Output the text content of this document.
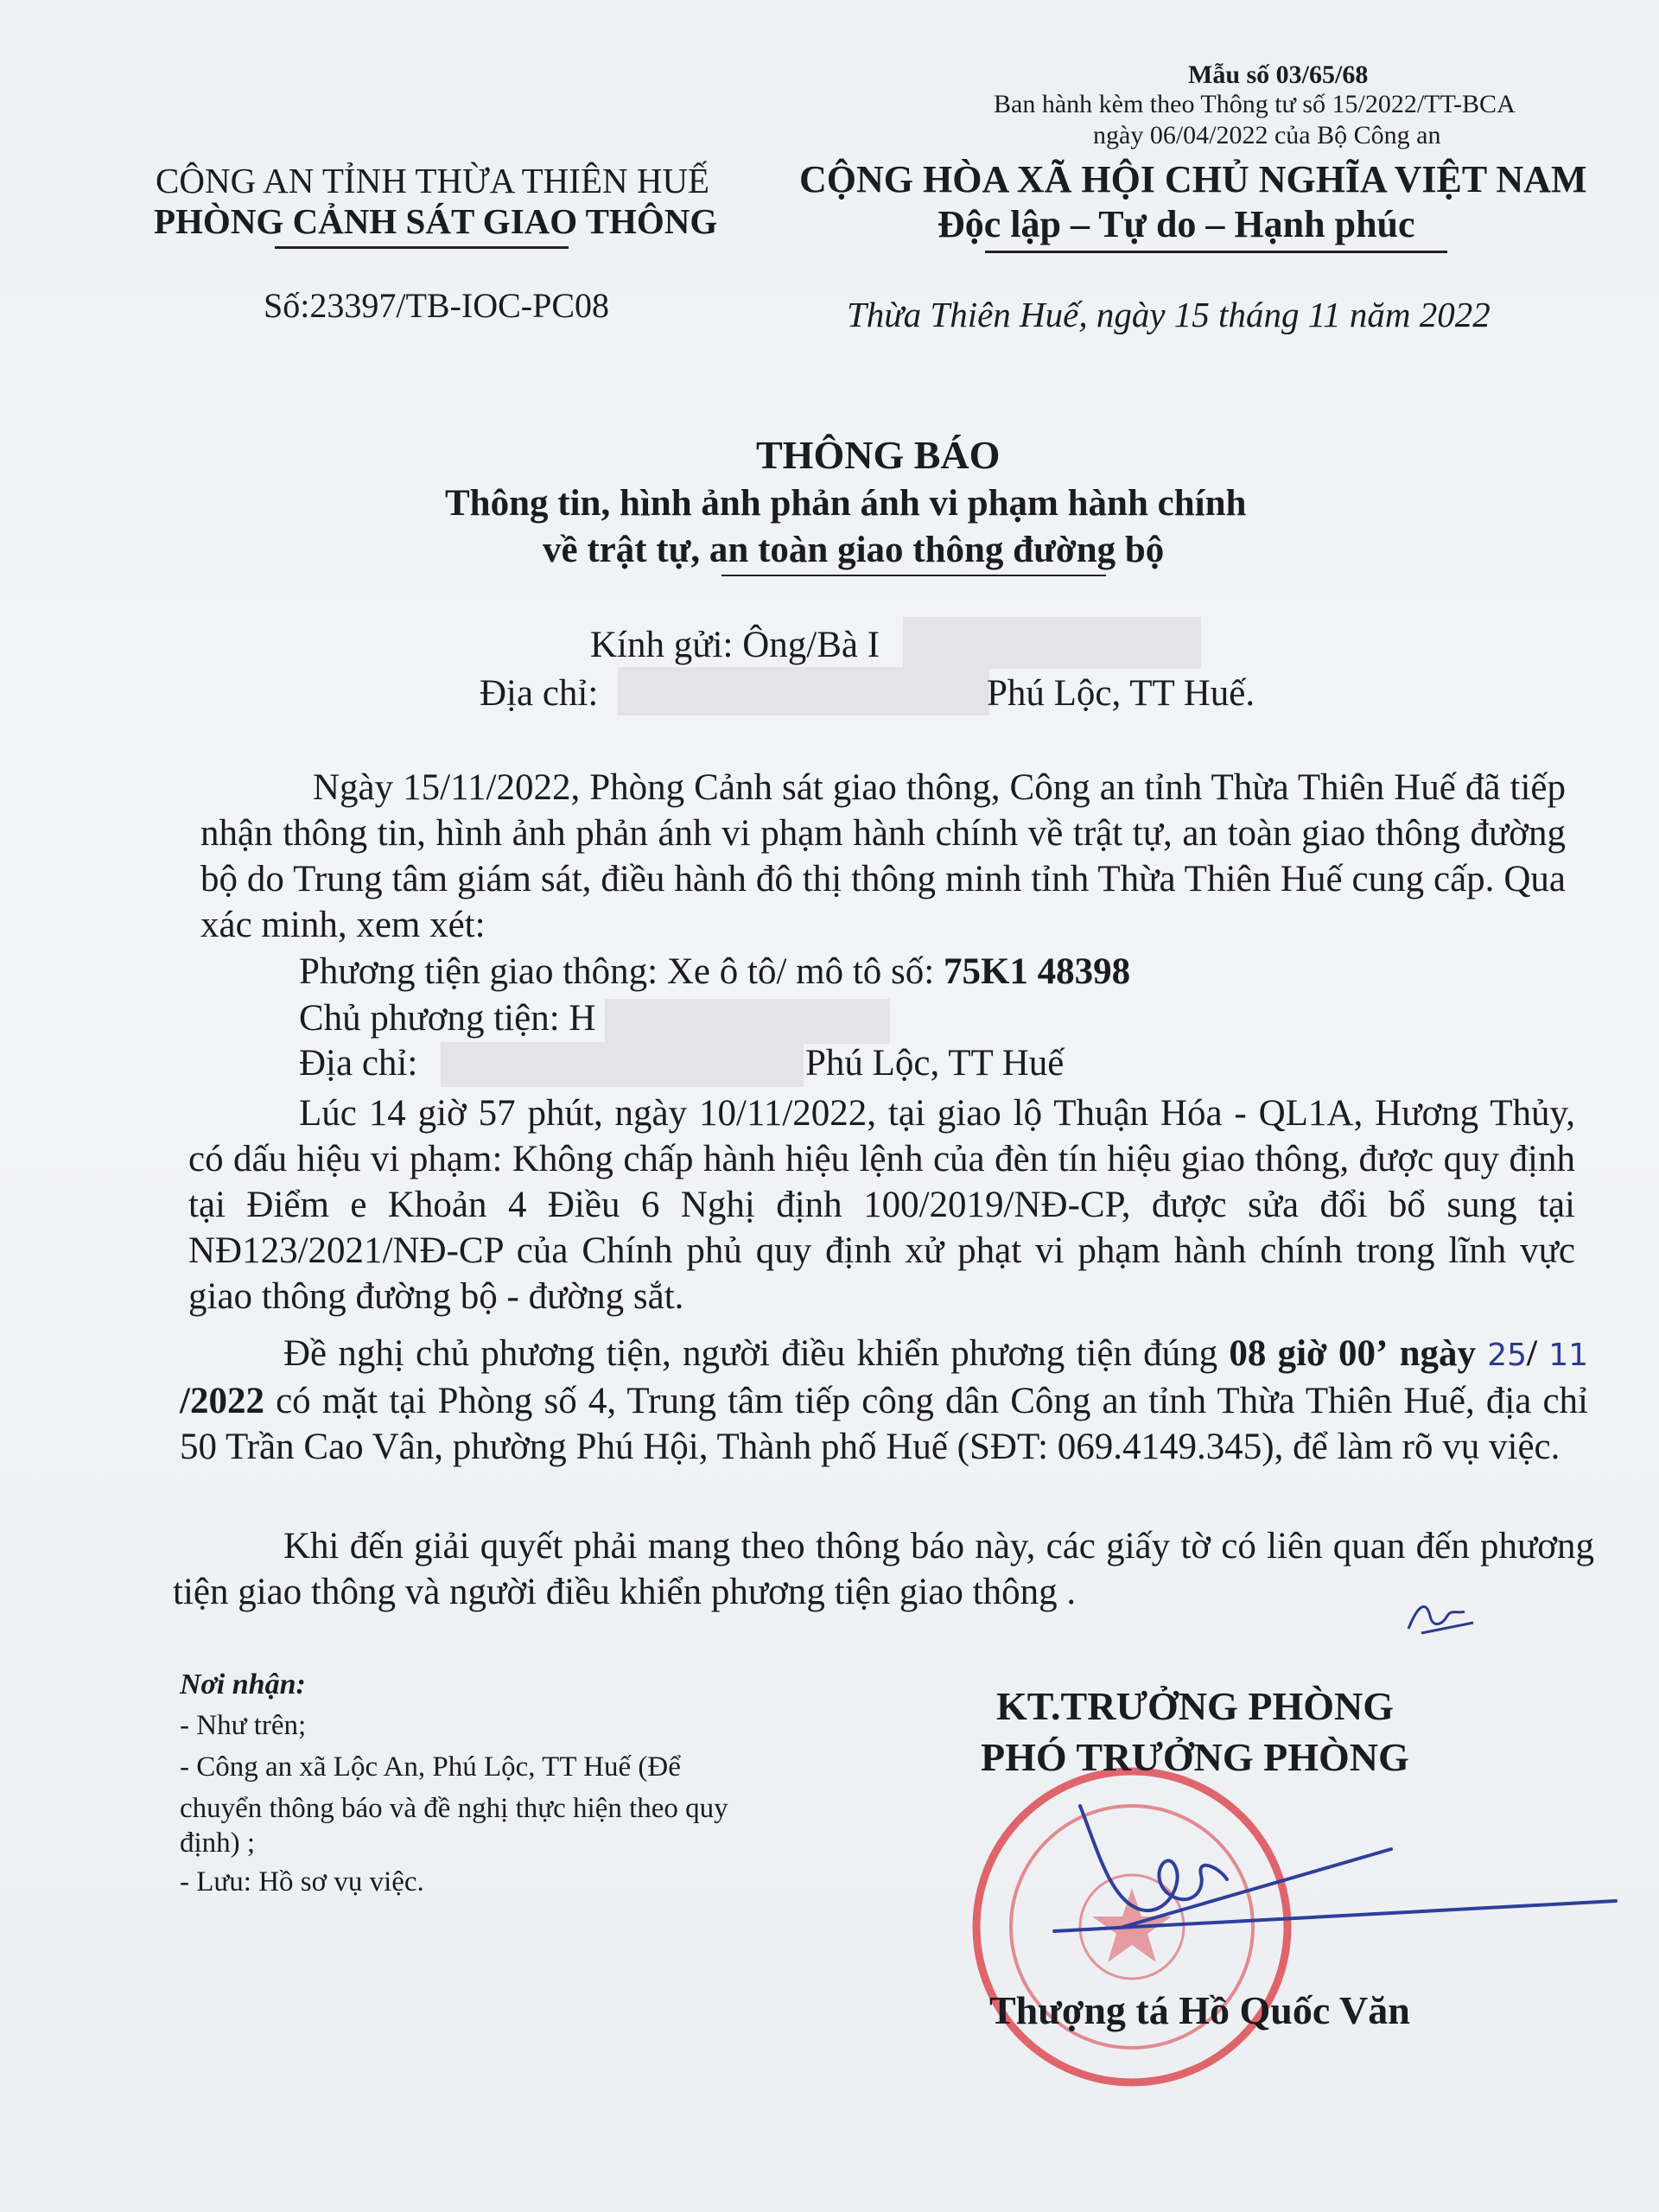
Mẫu số 03/65/68
Ban hành kèm theo Thông tư số 15/2022/TT-BCA
ngày 06/04/2022 của Bộ Công an
CÔNG AN TỈNH THỪA THIÊN HUẾ
PHÒNG CẢNH SÁT GIAO THÔNG
Số:23397/TB-IOC-PC08
CỘNG HÒA XÃ HỘI CHỦ NGHĨA VIỆT NAM
Độc lập – Tự do – Hạnh phúc
Thừa Thiên Huế, ngày 15 tháng 11 năm 2022
THÔNG BÁO
Thông tin, hình ảnh phản ánh vi phạm hành chính
về trật tự, an toàn giao thông đường bộ
Kính gửi: Ông/Bà I
Địa chỉ:	Phú Lộc, TT Huế.

Ngày 15/11/2022, Phòng Cảnh sát giao thông, Công an tỉnh Thừa Thiên Huế đã tiếp nhận thông tin, hình ảnh phản ánh vi phạm hành chính về trật tự, an toàn giao thông đường bộ do Trung tâm giám sát, điều hành đô thị thông minh tỉnh Thừa Thiên Huế cung cấp. Qua xác minh, xem xét:

Phương tiện giao thông: Xe ô tô/ mô tô số: 75K1 48398
Chủ phương tiện: H
Địa chỉ:	Phú Lộc, TT Huế

Lúc 14 giờ 57 phút, ngày 10/11/2022, tại giao lộ Thuận Hóa - QL1A, Hương Thủy, có dấu hiệu vi phạm: Không chấp hành hiệu lệnh của đèn tín hiệu giao thông, được quy định tại Điểm e Khoản 4 Điều 6 Nghị định 100/2019/NĐ-CP, được sửa đổi bổ sung tại NĐ123/2021/NĐ-CP của Chính phủ quy định xử phạt vi phạm hành chính trong lĩnh vực giao thông đường bộ - đường sắt.

Đề nghị chủ phương tiện, người điều khiển phương tiện đúng 08 giờ 00’ ngày 25/ 11 /2022 có mặt tại Phòng số 4, Trung tâm tiếp công dân Công an tỉnh Thừa Thiên Huế, địa chỉ 50 Trần Cao Vân, phường Phú Hội, Thành phố Huế (SĐT: 069.4149.345), để làm rõ vụ việc.

Khi đến giải quyết phải mang theo thông báo này, các giấy tờ có liên quan đến phương tiện giao thông và người điều khiển phương tiện giao thông .

Nơi nhận:
- Như trên;
- Công an xã Lộc An, Phú Lộc, TT Huế (Để
chuyển thông báo và đề nghị thực hiện theo quy
định) ;
- Lưu: Hồ sơ vụ việc.
KT.TRƯỞNG PHÒNG
PHÓ TRƯỞNG PHÒNG
Thượng tá Hồ Quốc Văn
